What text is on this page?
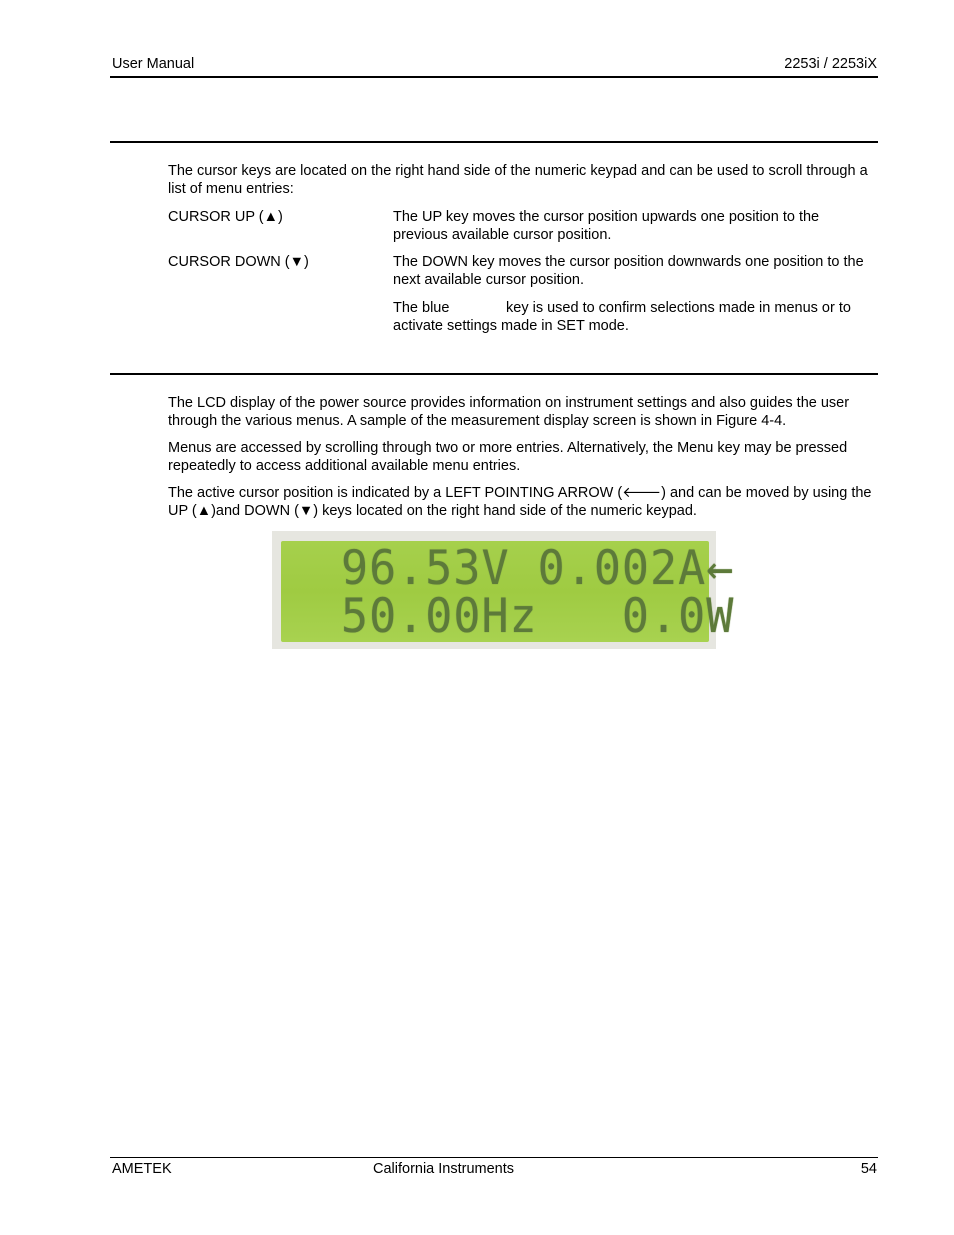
User Manual	2253i / 2253iX

The cursor keys are located on the right hand side of the numeric keypad and can be used to scroll through a list of menu entries:

CURSOR UP (▲)	The UP key moves the cursor position upwards one position to the previous available cursor position.

CURSOR DOWN (▼)	The DOWN key moves the cursor position downwards one position to the next available cursor position.

The blue	key is used to confirm selections made in menus or to activate settings made in SET mode.

The LCD display of the power source provides information on instrument settings and also guides the user through the various menus. A sample of the measurement display screen is shown in Figure 4-4.

Menus are accessed by scrolling through two or more entries. Alternatively, the Menu key may be pressed repeatedly to access additional available menu entries.

The active cursor position is indicated by a LEFT POINTING ARROW (🡐) and can be moved by using the UP (▲)and DOWN (▼) keys located on the right hand side of the numeric keypad.

96.53V 0.002A←
50.00Hz   0.0W
AMETEK	California Instruments	54
